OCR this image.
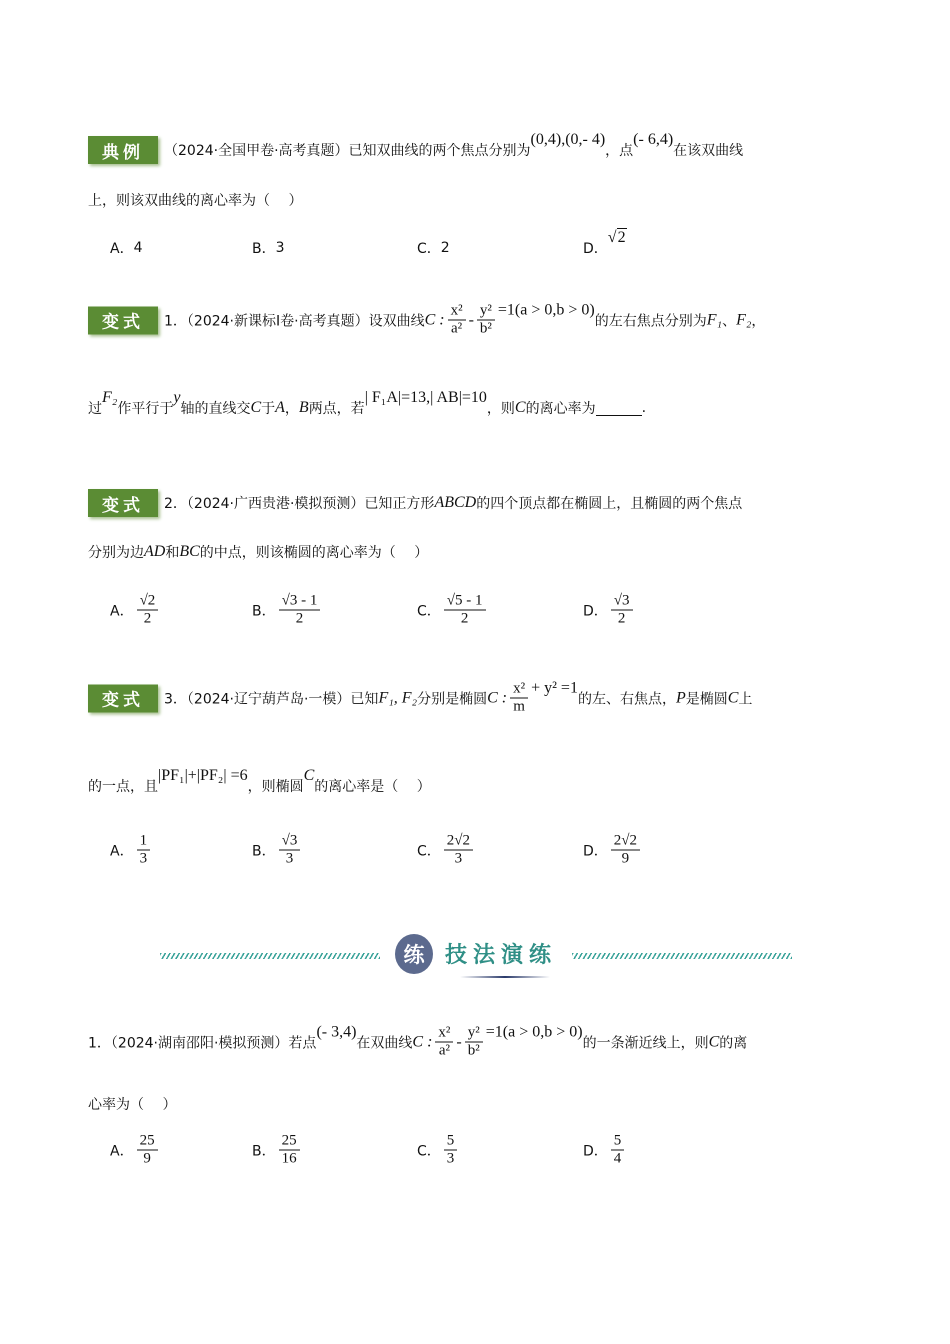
练 技法演练
典例	（2024·全国甲卷·高考真题）已知双曲线的两个焦点分别为
(0,4),(0,- 4)
，点
(- 6,4)
在该双曲线
上，则该双曲线的离心率为（　 ）
A． 4	B． 3	C． 2	D．
√2
变式	1．（2024·新课标Ⅰ卷·高考真题）设双曲线 C : $\frac{\text{x²}}{\text{a²}} - \frac{\text{y²}}{\text{b²}} =1(a > 0,b > 0)$
的左右焦点分别为 F₁ 、 F₂ ，
过
F₂
作平行于
y
轴的直线交 C 于 A ， B 两点，若
| F₁A|=13,| AB|=10
，则 C 的离心率为	.
变式	2．（2024·广西贵港·模拟预测）已知正方形 ABCD 的四个顶点都在椭圆上，且椭圆的两个焦点
分别为边 AD 和 BC 的中点，则该椭圆的离心率为（　 ）
A． $\frac{√2}{2}$	B． $\frac{√3 - 1}{2}$	C． $\frac{√5 - 1}{2}$	D． $\frac{√3}{2}$
变式	3．（2024·辽宁葫芦岛·一模）已知 F₁, F₂ 分别是椭圆 C : $\frac{\text{x²}}{m} + y^2 =1$
的左、右焦点， P 是椭圆 C 上
的一点，且
|PF₁|+|PF₂| =6
，则椭圆
C
的离心率是（　 ）
A． $\frac{1}{3}$	B． $\frac{√3}{3}$	C． $\frac{2√2}{3}$	D． $\frac{2√2}{9}$
1．（2024·湖南邵阳·模拟预测）若点
(- 3,4)
在双曲线 C : $\frac{\text{x²}}{\text{a²}} - \frac{\text{y²}}{\text{b²}} =1(a > 0,b > 0)$
的一条渐近线上，则 C 的离
心率为（　 ）
A． $\frac{25}{9}$	B． $\frac{25}{16}$	C． $\frac{5}{3}$	D． $\frac{5}{4}$
